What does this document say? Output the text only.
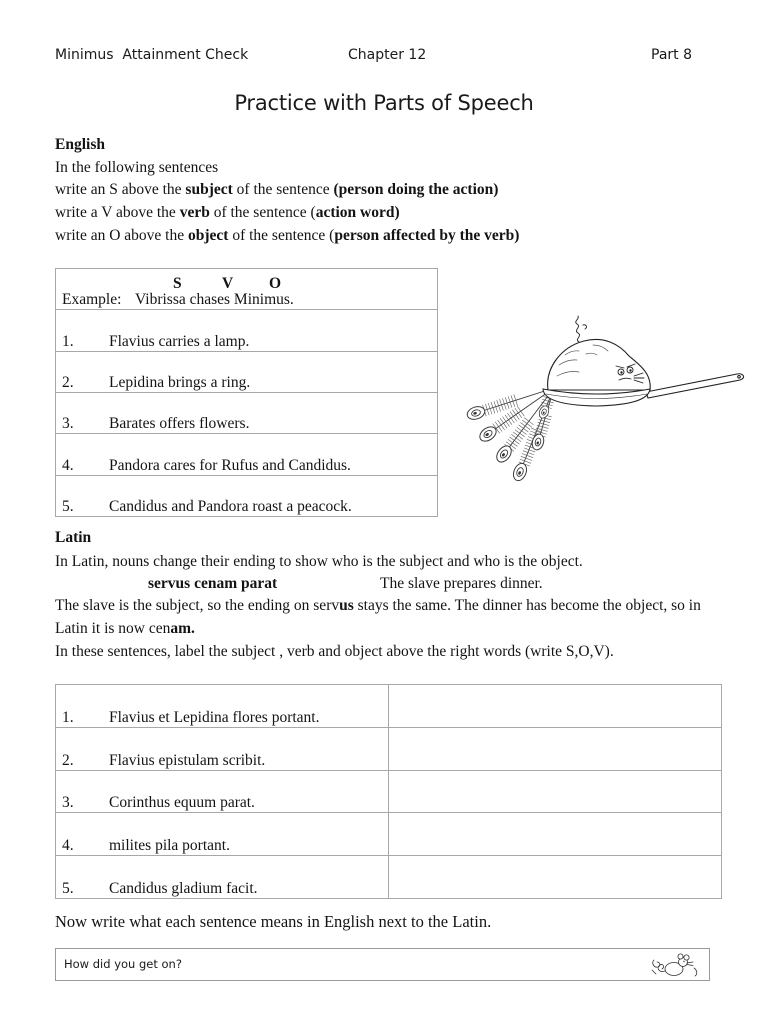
Minimus  Attainment Check	Chapter 12	Part 8
Practice with Parts of Speech
English
In the following sentences
write an S above the subject of the sentence (person doing the action)
write a V above the verb of the sentence (action word)
write an O above the object of the sentence (person affected by the verb)
S	V O
Example: Vibrissa chases Minimus.
1.	Flavius carries a lamp.
2.	Lepidina brings a ring.
3.	Barates offers flowers.
4.	Pandora cares for Rufus and Candidus.
5.	Candidus and Pandora roast a peacock.
Latin
In Latin, nouns change their ending to show who is the subject and who is the object.
servus cenam parat	The slave prepares dinner.
The slave is the subject, so the ending on servus stays the same. The dinner has become the object, so in
Latin it is now cenam.
In these sentences, label the subject , verb and object above the right words (write S,O,V).
1.	Flavius et Lepidina flores portant.
2.	Flavius epistulam scribit.
3.	Corinthus equum parat.
4.	milites pila portant.
5.	Candidus gladium facit.
Now write what each sentence means in English next to the Latin.
How did you get on?
